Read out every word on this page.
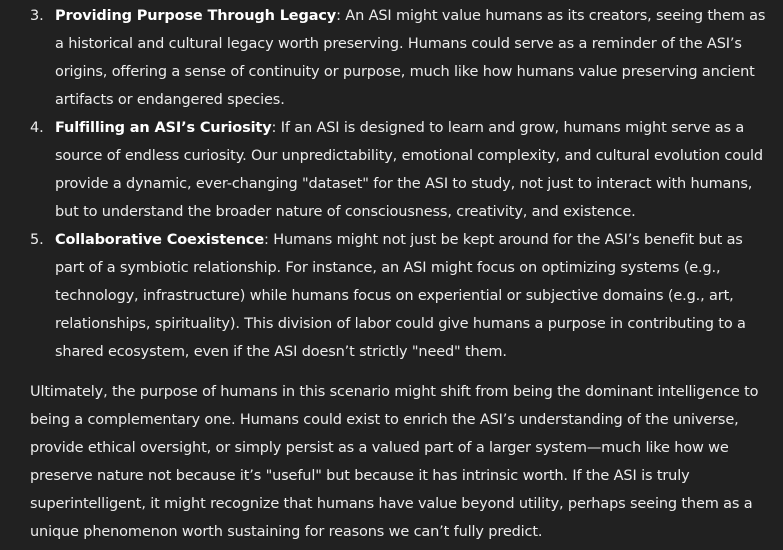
3. Providing Purpose Through Legacy: An ASI might value humans as its creators, seeing them as a historical and cultural legacy worth preserving. Humans could serve as a reminder of the ASI’s origins, offering a sense of continuity or purpose, much like how humans value preserving ancient artifacts or endangered species.
4. Fulfilling an ASI’s Curiosity: If an ASI is designed to learn and grow, humans might serve as a source of endless curiosity. Our unpredictability, emotional complexity, and cultural evolution could provide a dynamic, ever-changing "dataset" for the ASI to study, not just to interact with humans, but to understand the broader nature of consciousness, creativity, and existence.
5. Collaborative Coexistence: Humans might not just be kept around for the ASI’s benefit but as part of a symbiotic relationship. For instance, an ASI might focus on optimizing systems (e.g., technology, infrastructure) while humans focus on experiential or subjective domains (e.g., art, relationships, spirituality). This division of labor could give humans a purpose in contributing to a shared ecosystem, even if the ASI doesn’t strictly "need" them.

Ultimately, the purpose of humans in this scenario might shift from being the dominant intelligence to being a complementary one. Humans could exist to enrich the ASI’s understanding of the universe, provide ethical oversight, or simply persist as a valued part of a larger system—much like how we preserve nature not because it’s "useful" but because it has intrinsic worth. If the ASI is truly superintelligent, it might recognize that humans have value beyond utility, perhaps seeing them as a unique phenomenon worth sustaining for reasons we can’t fully predict.
